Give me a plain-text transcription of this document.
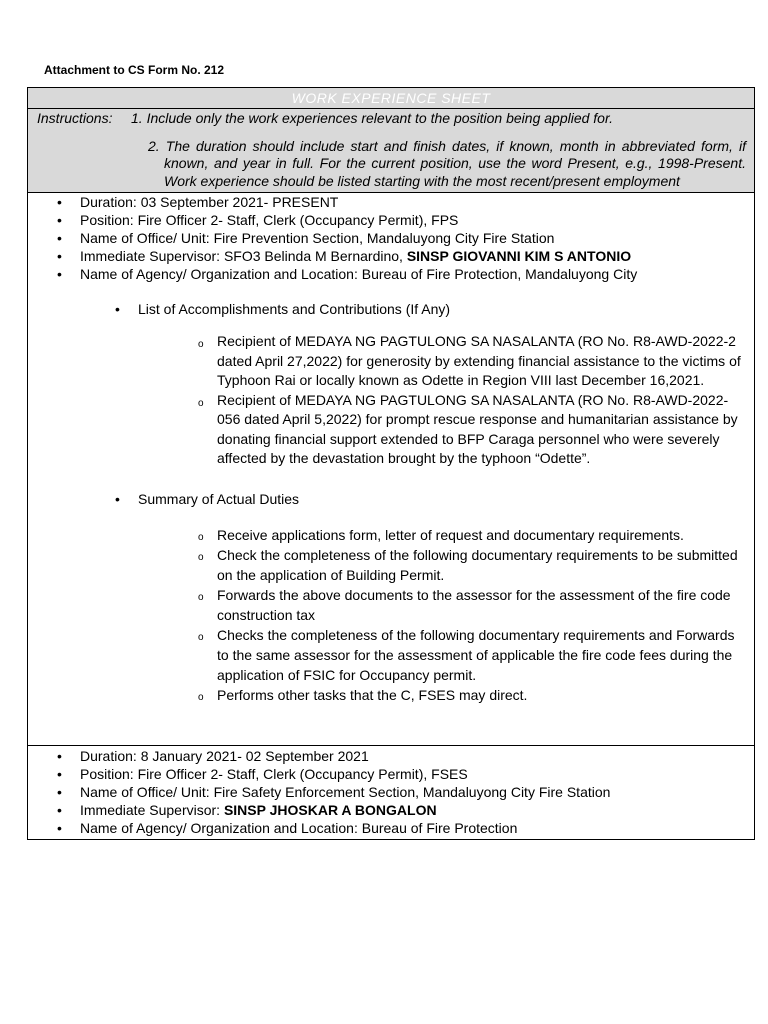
Attachment to CS Form No. 212
WORK EXPERIENCE SHEET
Instructions: 1. Include only the work experiences relevant to the position being applied for.
2. The duration should include start and finish dates, if known, month in abbreviated form, if known, and year in full. For the current position, use the word Present, e.g., 1998-Present. Work experience should be listed starting with the most recent/present employment
• Duration: 03 September 2021- PRESENT
• Position: Fire Officer 2- Staff, Clerk (Occupancy Permit), FPS
• Name of Office/ Unit: Fire Prevention Section, Mandaluyong City Fire Station
• Immediate Supervisor: SFO3 Belinda M Bernardino, SINSP GIOVANNI KIM S ANTONIO
• Name of Agency/ Organization and Location: Bureau of Fire Protection, Mandaluyong City
• List of Accomplishments and Contributions (If Any)
o Recipient of MEDAYA NG PAGTULONG SA NASALANTA (RO No. R8-AWD-2022-2 dated April 27,2022) for generosity by extending financial assistance to the victims of Typhoon Rai or locally known as Odette in Region VIII last December 16,2021.
o Recipient of MEDAYA NG PAGTULONG SA NASALANTA (RO No. R8-AWD-2022-056 dated April 5,2022) for prompt rescue response and humanitarian assistance by donating financial support extended to BFP Caraga personnel who were severely affected by the devastation brought by the typhoon “Odette”.
• Summary of Actual Duties
o Receive applications form, letter of request and documentary requirements.
o Check the completeness of the following documentary requirements to be submitted on the application of Building Permit.
o Forwards the above documents to the assessor for the assessment of the fire code construction tax
o Checks the completeness of the following documentary requirements and Forwards to the same assessor for the assessment of applicable the fire code fees during the application of FSIC for Occupancy permit.
o Performs other tasks that the C, FSES may direct.
• Duration: 8 January 2021- 02 September 2021
• Position: Fire Officer 2- Staff, Clerk (Occupancy Permit), FSES
• Name of Office/ Unit: Fire Safety Enforcement Section, Mandaluyong City Fire Station
• Immediate Supervisor: SINSP JHOSKAR A BONGALON
• Name of Agency/ Organization and Location: Bureau of Fire Protection
